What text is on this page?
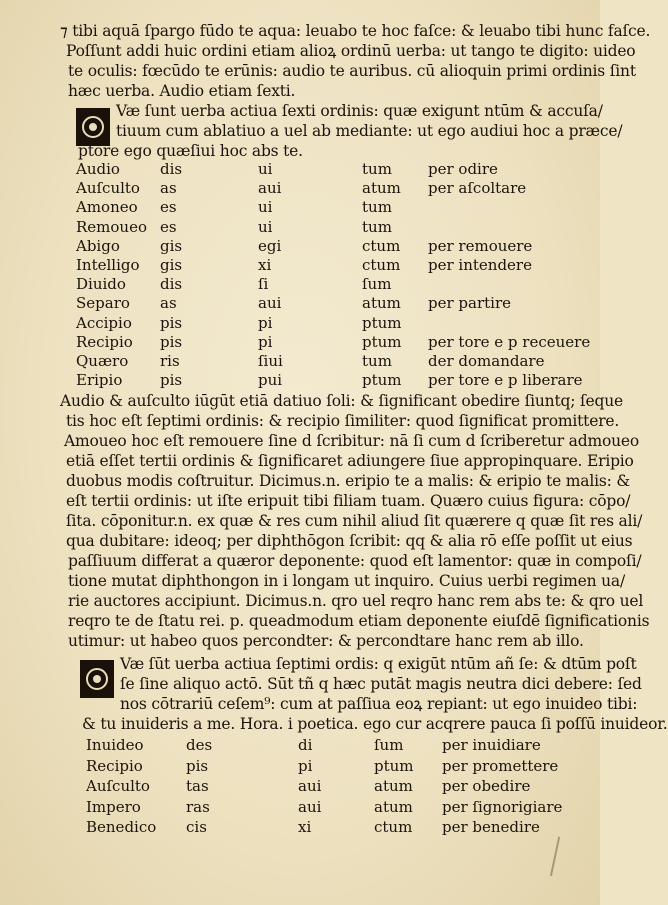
⁊ tibi aquā ſpargo fūdo te aqua: leuabo te hoc faſce: & leuabo tibi hunc faſce.
Poſſunt addi huic ordini etiam alioꝝ ordinū uerba: ut tango te digito: uideo
te oculis: fœcūdo te erūnis: audio te auribus. cū alioquin primi ordinis ſint
hæc uerba. Audio etiam ſexti.
Væ ſunt uerba actiua ſexti ordinis: quæ exigunt ntūm & accuſa/
tiuum cum ablatiuo a uel ab mediante: ut ego audiui hoc a præce/
ptore ego quæſiui hoc abs te.
Audio	dis	ui	tum per odire
Auſculto as	aui	atum per aſcoltare
Amoneo es	ui	tum
Remoueo es	ui	tum
Abigo	gis	egi	ctum per remouere
Intelligo gis	xi	ctum per intendere
Diuido dis	ſi	ſum
Separo as	aui	atum per partire
Accipio pis	pi	ptum
Recipio pis	pi	ptum per tore e p receuere
Quæro ris	ſiui	tum der domandare
Eripio	pis	pui	ptum per tore e p liberare
Audio & auſculto iūgūt etiā datiuo ſoli: & ſignificant obedire ſiuntq; ſeque
tis hoc eſt ſeptimi ordinis: & recipio ſimiliter: quod ſignificat promittere.
Amoueo hoc eſt remouere ſine d ſcribitur: nā ſi cum d ſcriberetur admoueo
etiā eſſet tertii ordinis & ſignificaret adiungere ſiue appropinquare. Eripio
duobus modis coſtruitur. Dicimus.n. eripio te a malis: & eripio te malis: &
eſt tertii ordinis: ut iſte eripuit tibi filiam tuam. Quæro cuius figura: cōpo/
ſita. cōponitur.n. ex quæ & res cum nihil aliud ſit quærere q quæ ſit res ali/
qua dubitare: ideoq; per diphthōgon ſcribit: qq & alia rō eſſe poſſit ut eius
paſſiuum differat a quæror deponente: quod eſt lamentor: quæ in compoſi/
tione mutat diphthongon in i longam ut inquiro. Cuius uerbi regimen ua/
rie auctores accipiunt. Dicimus.n. qro uel reqro hanc rem abs te: & qro uel
reqro te de ſtatu rei. p. queadmodum etiam deponente eiuſdē ſignificationis
utimur: ut habeo quos percondter: & percondtare hanc rem ab illo.
Væ ſūt uerba actiua ſeptimi ordis: q exigūt ntūm añ ſe: & dtūm poſt
ſe ſine aliquo actō. Sūt tñ q hæc putāt magis neutra dici debere: ſed
nos cōtrariū ceſem⁹: cum at paſſiua eoꝝ repiant: ut ego inuideo tibi:
& tu inuideris a me. Hora. i poetica. ego cur acqrere pauca ſi poſſū inuideor.
Inuideo	des	di	ſum	per inuidiare
Recipio	pis	pi	ptum per promettere
Auſculto tas	aui	atum per obedire
Impero	ras	aui	atum per ſignorigiare
Benedico cis	xi	ctum per benedire
